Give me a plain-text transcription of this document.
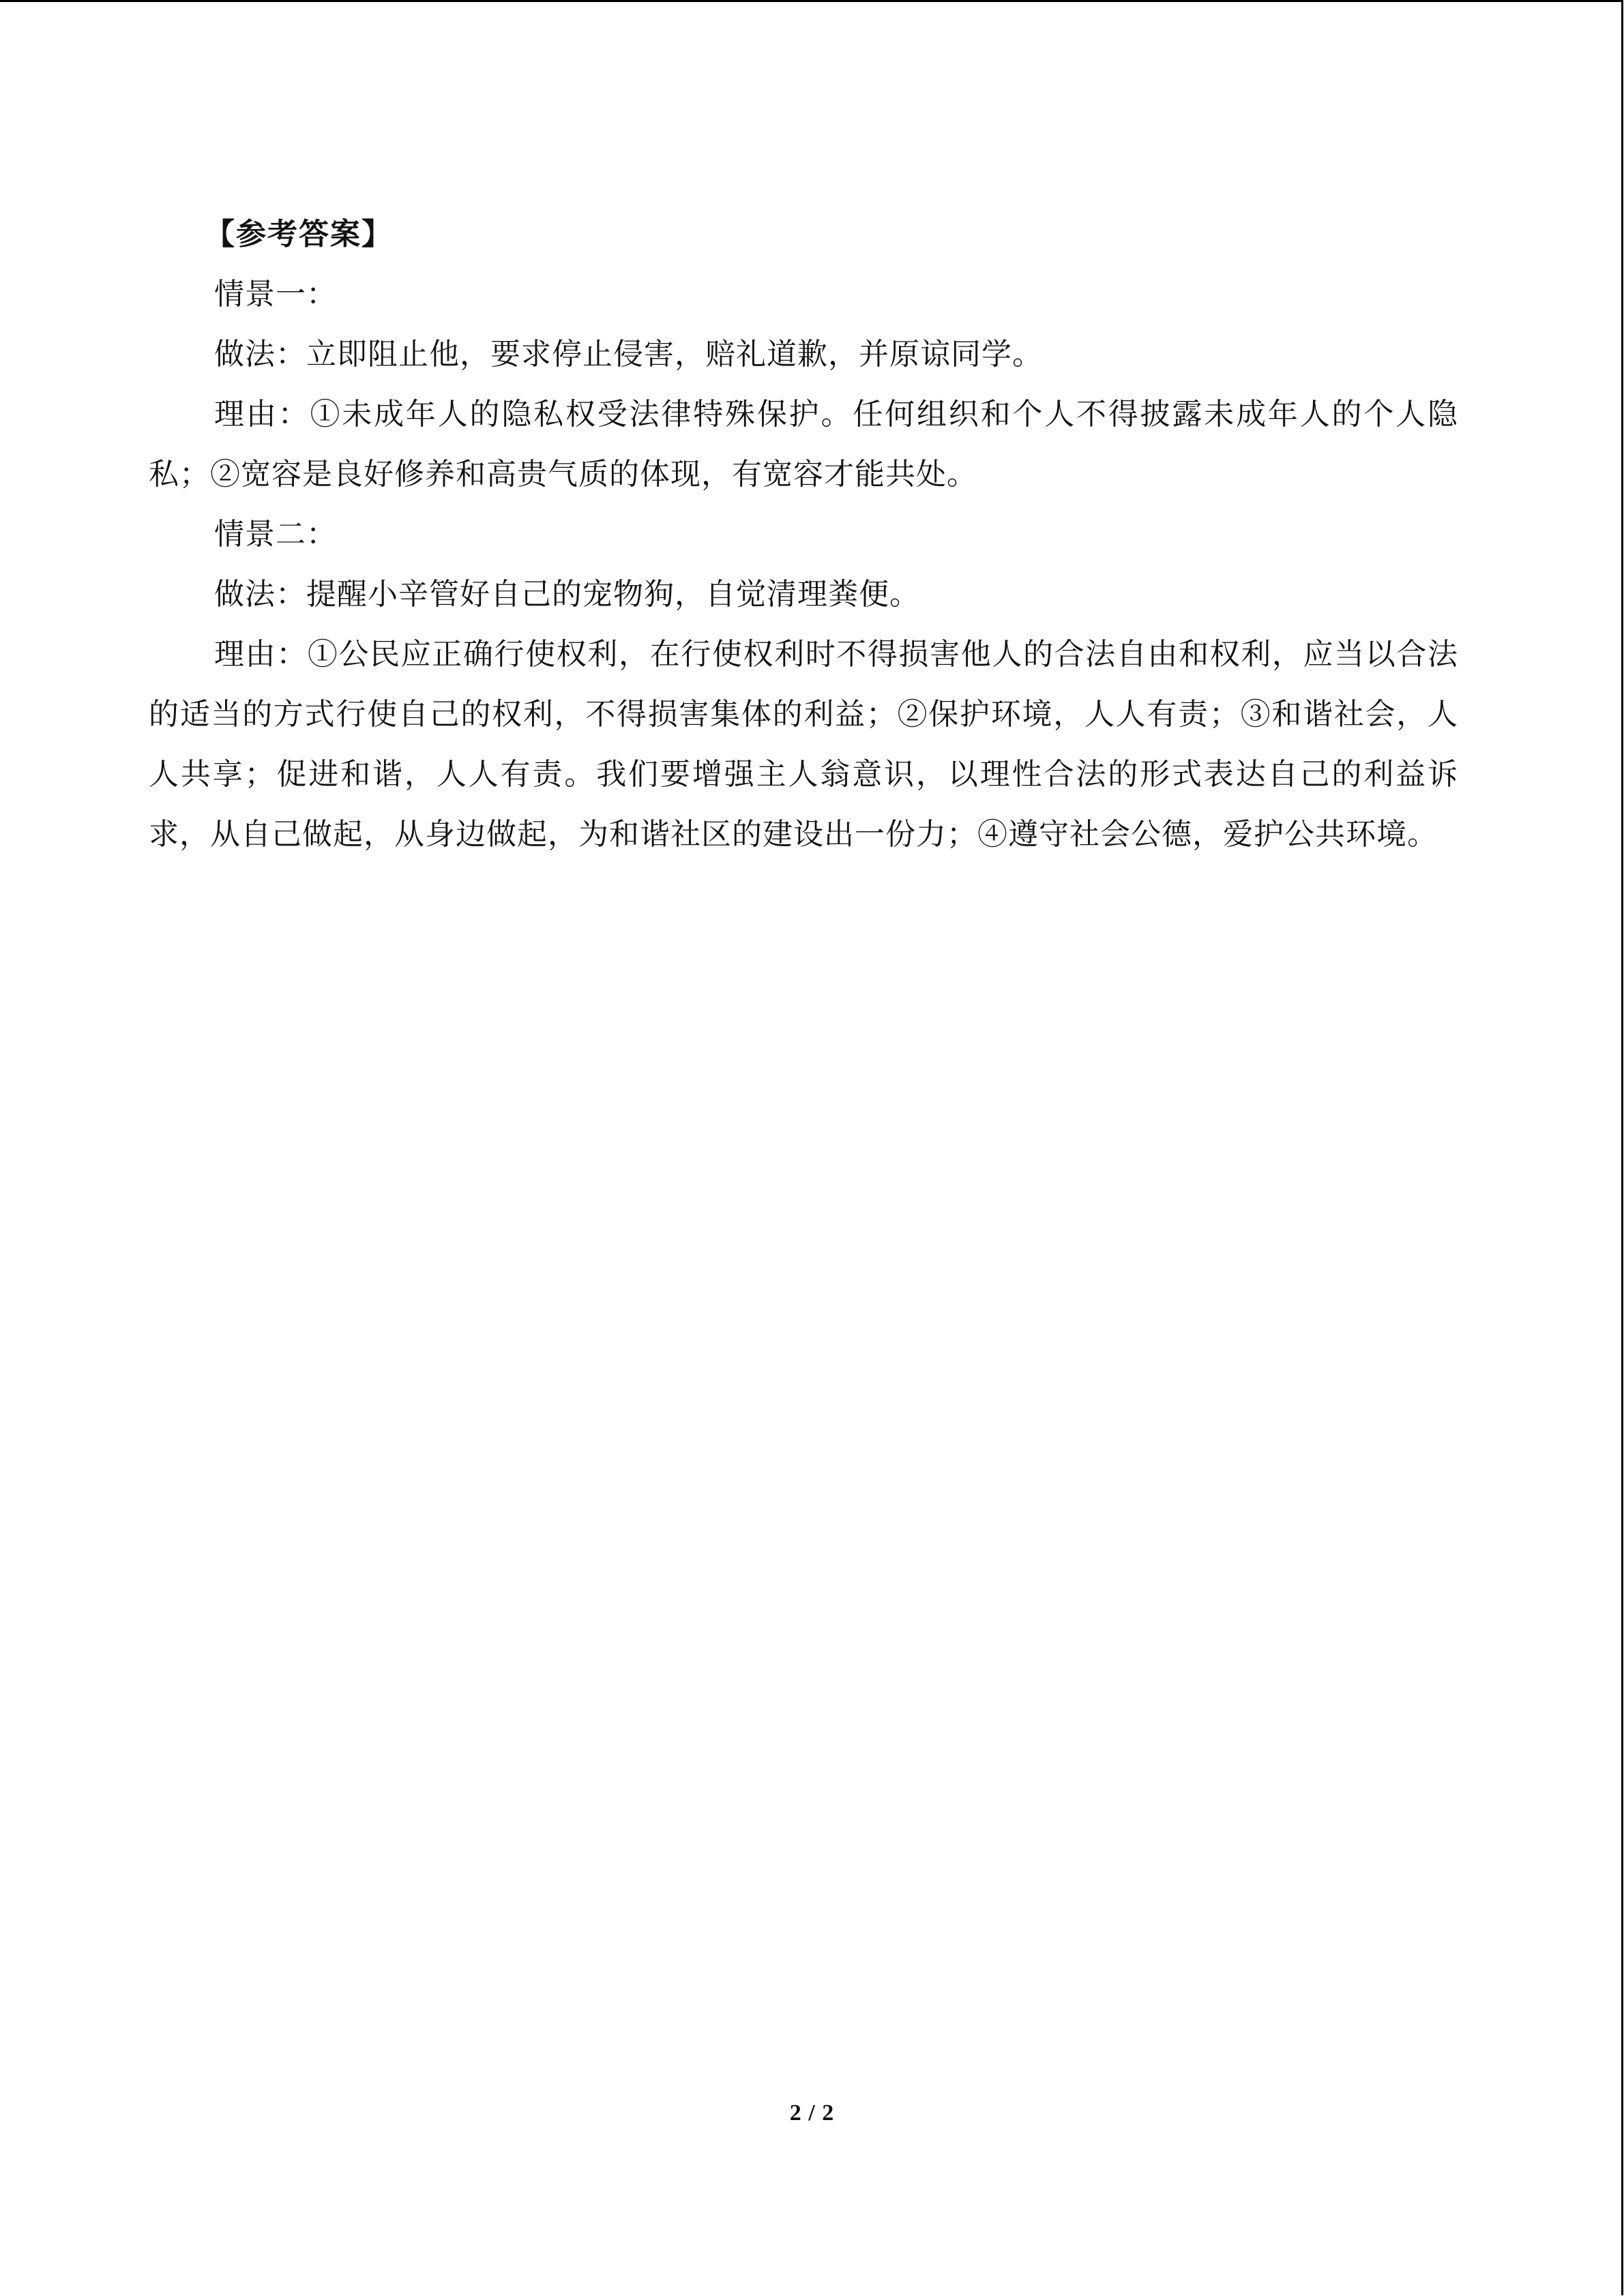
【参考答案】

情景一：

做法：立即阻止他，要求停止侵害，赔礼道歉，并原谅同学。

理由：①未成年人的隐私权受法律特殊保护。任何组织和个人不得披露未成年人的个人隐私；②宽容是良好修养和高贵气质的体现，有宽容才能共处。

情景二：

做法：提醒小辛管好自己的宠物狗，自觉清理粪便。

理由：①公民应正确行使权利，在行使权利时不得损害他人的合法自由和权利，应当以合法的适当的方式行使自己的权利，不得损害集体的利益；②保护环境，人人有责；③和谐社会，人人共享；促进和谐，人人有责。我们要增强主人翁意识，以理性合法的形式表达自己的利益诉求，从自己做起，从身边做起，为和谐社区的建设出一份力；④遵守社会公德，爱护公共环境。

2 / 2
